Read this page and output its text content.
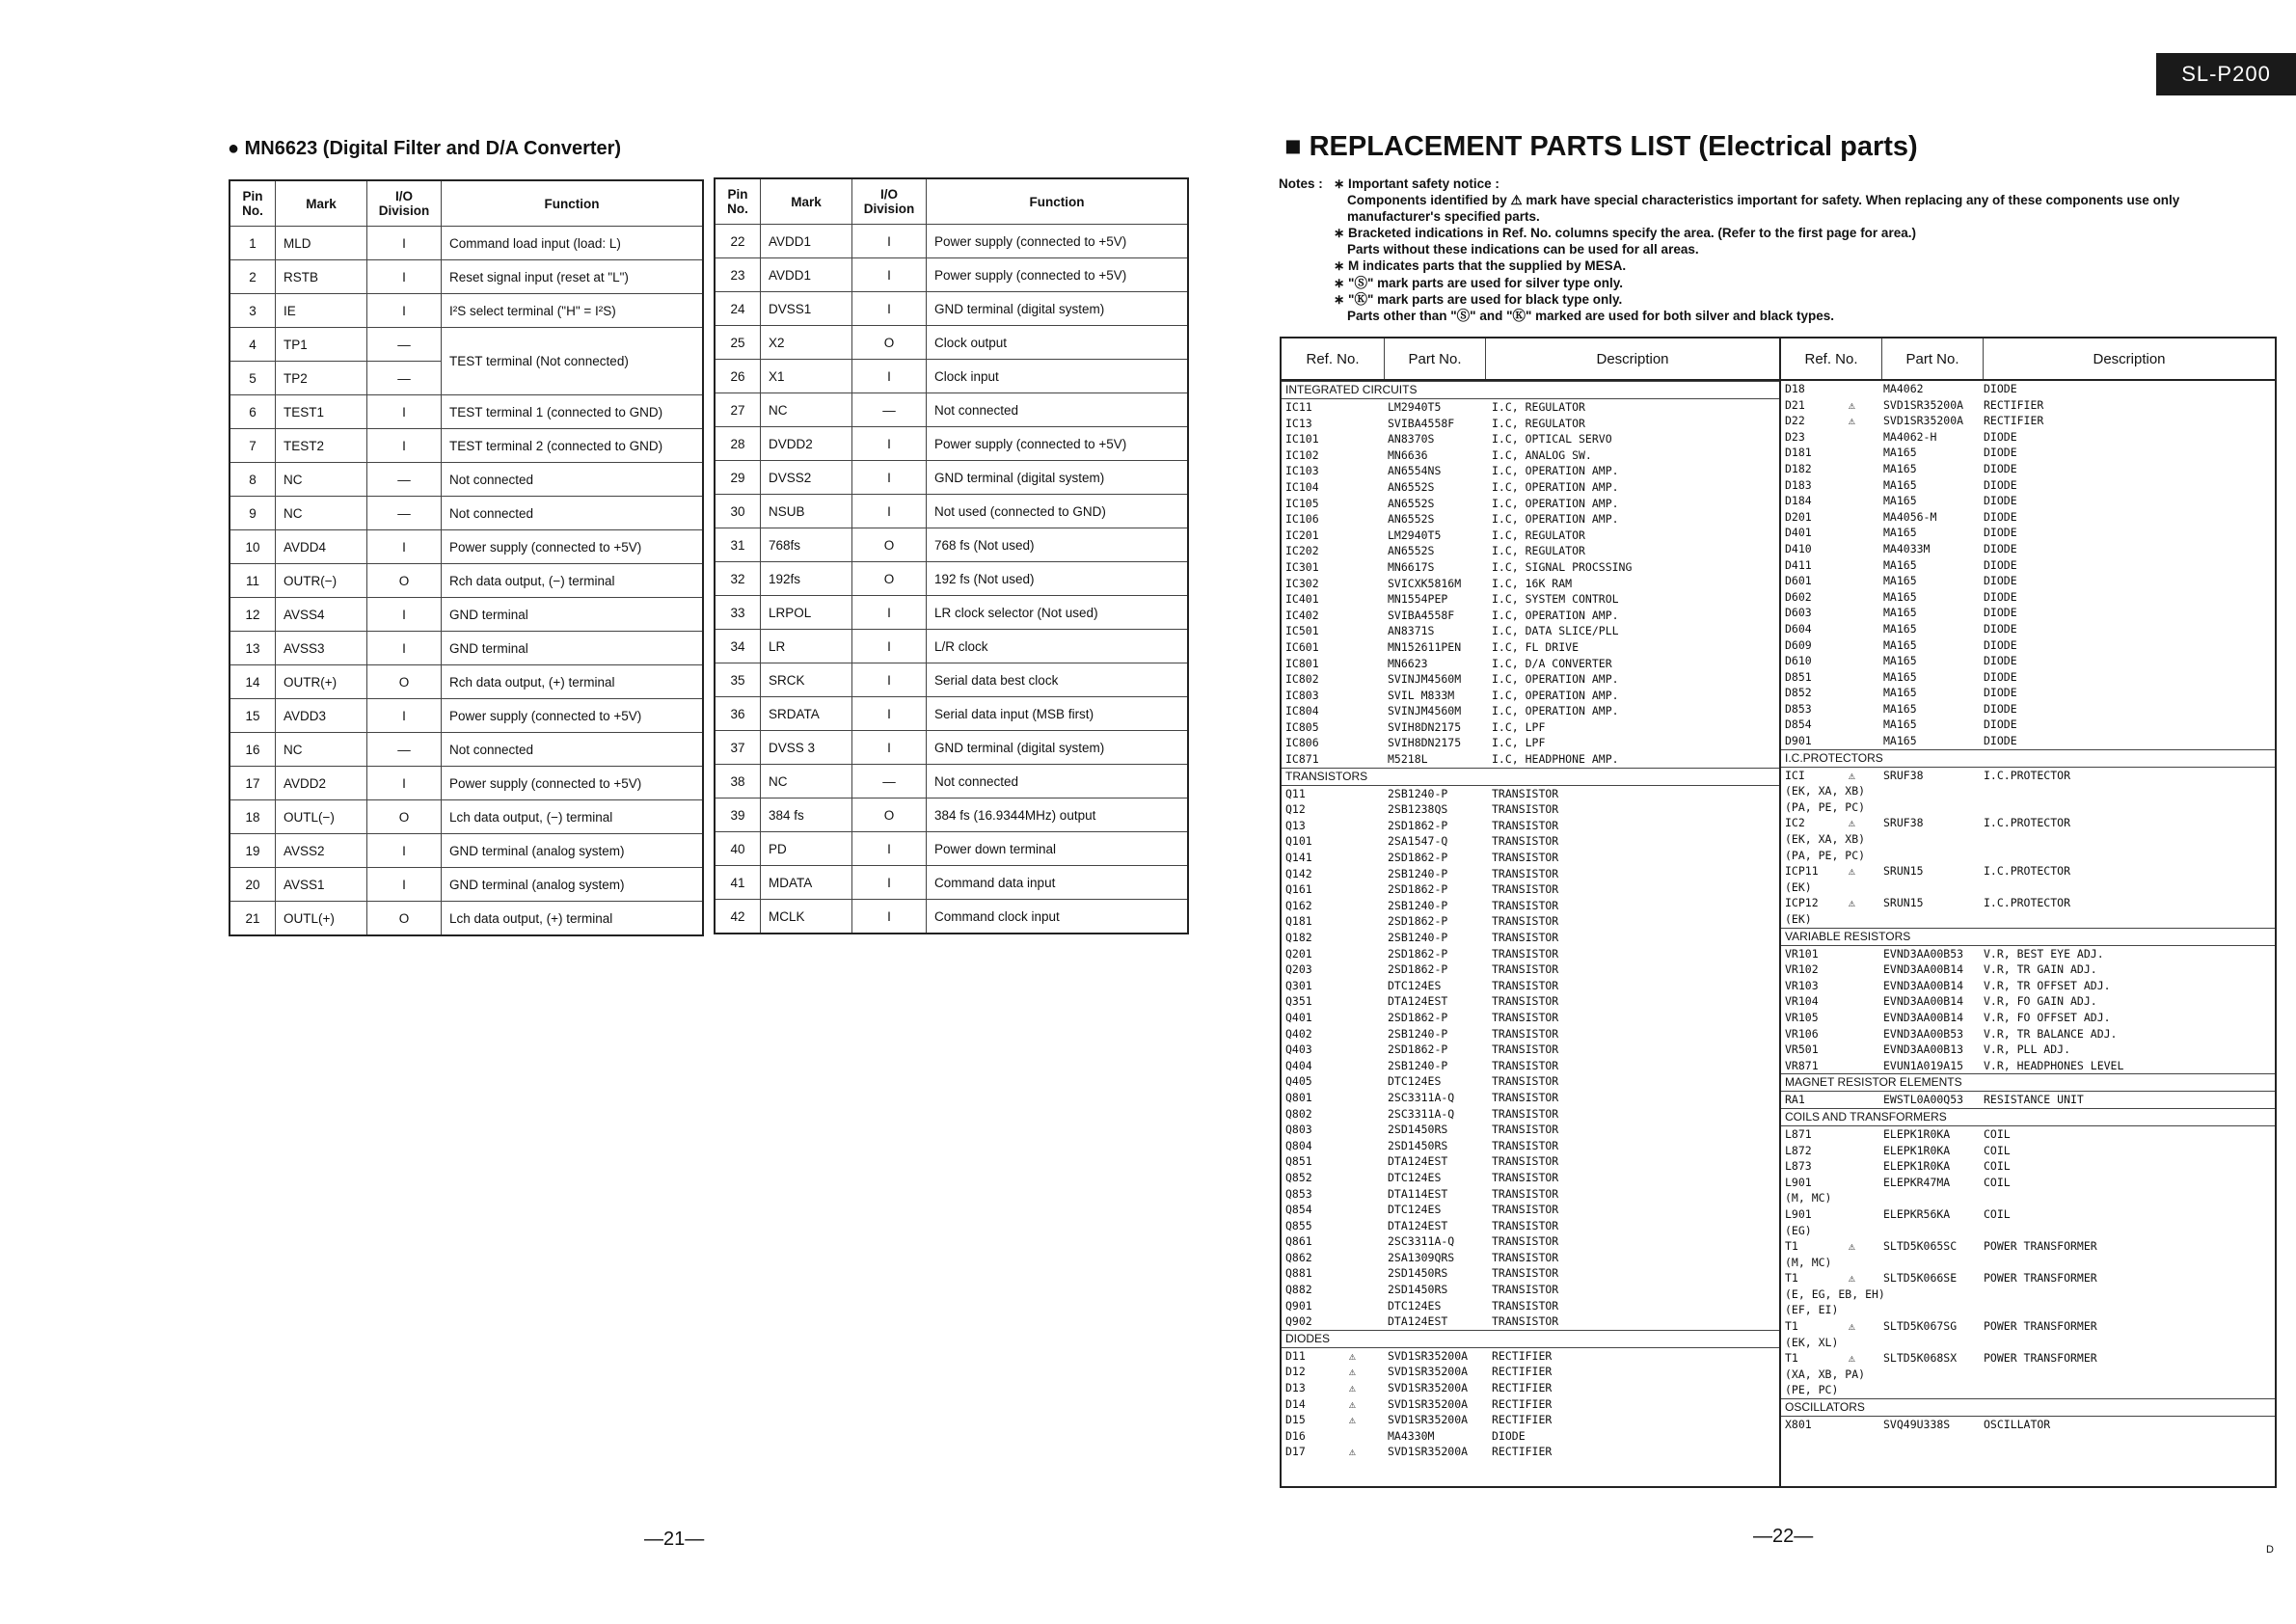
SL-P200
● MN6623 (Digital Filter and D/A Converter)	■ REPLACEMENT PARTS LIST (Electrical parts)
Pin No.	Mark	I/O Division	Function
1	MLD	I	Command load input (load: L)
2	RSTB	I	Reset signal input (reset at "L")
3	IE	I	I²S select terminal ("H" = I²S)
4	TP1	—	TEST terminal (Not connected)
5	TP2	—	
6	TEST1	I	TEST terminal 1 (connected to GND)
7	TEST2	I	TEST terminal 2 (connected to GND)
8	NC	—	Not connected
9	NC	—	Not connected
10	AVDD4	I	Power supply (connected to +5V)
11	OUTR(−)	O	Rch data output, (−) terminal
12	AVSS4	I	GND terminal
13	AVSS3	I	GND terminal
14	OUTR(+)	O	Rch data output, (+) terminal
15	AVDD3	I	Power supply (connected to +5V)
16	NC	—	Not connected
17	AVDD2	I	Power supply (connected to +5V)
18	OUTL(−)	O	Lch data output, (−) terminal
19	AVSS2	I	GND terminal (analog system)
20	AVSS1	I	GND terminal (analog system)
21	OUTL(+)	O	Lch data output, (+) terminal
Pin No.	Mark	I/O Division	Function
22	AVDD1	I	Power supply (connected to +5V)
23	AVDD1	I	Power supply (connected to +5V)
24	DVSS1	I	GND terminal (digital system)
25	X2	O	Clock output
26	X1	I	Clock input
27	NC	—	Not connected
28	DVDD2	I	Power supply (connected to +5V)
29	DVSS2	I	GND terminal (digital system)
30	NSUB	I	Not used (connected to GND)
31	768fs	O	768 fs (Not used)
32	192fs	O	192 fs (Not used)
33	LRPOL	I	LR clock selector (Not used)
34	LR	I	L/R clock
35	SRCK	I	Serial data best clock
36	SRDATA	I	Serial data input (MSB first)
37	DVSS 3	I	GND terminal (digital system)
38	NC	—	Not connected
39	384 fs	O	384 fs (16.9344MHz) output
40	PD	I	Power down terminal
41	MDATA	I	Command data input
42	MCLK	I	Command clock input
Notes : ∗ Important safety notice :
Components identified by ⚠ mark have special characteristics important for safety. When replacing any of these components use only
manufacturer's specified parts.
∗ Bracketed indications in Ref. No. columns specify the area. (Refer to the first page for area.)
Parts without these indications can be used for all areas.
∗ M indicates parts that the supplied by MESA.
∗ "Ⓢ" mark parts are used for silver type only.
∗ "Ⓚ" mark parts are used for black type only.
Parts other than "Ⓢ" and "Ⓚ" marked are used for both silver and black types.
Ref. No.	Part No.	Description
INTEGRATED CIRCUITS
IC11	LM2940T5	I.C, REGULATOR
IC13	SVIBA4558F	I.C, REGULATOR
IC101	AN8370S	I.C, OPTICAL SERVO
IC102	MN6636	I.C, ANALOG SW.
IC103	AN6554NS	I.C, OPERATION AMP.
IC104	AN6552S	I.C, OPERATION AMP.
IC105	AN6552S	I.C, OPERATION AMP.
IC106	AN6552S	I.C, OPERATION AMP.
IC201	LM2940T5	I.C, REGULATOR
IC202	AN6552S	I.C, REGULATOR
IC301	MN6617S	I.C, SIGNAL PROCSSING
IC302	SVICXK5816M	I.C, 16K RAM
IC401	MN1554PEP	I.C, SYSTEM CONTROL
IC402	SVIBA4558F	I.C, OPERATION AMP.
IC501	AN8371S	I.C, DATA SLICE/PLL
IC601	MN152611PEN	I.C, FL DRIVE
IC801	MN6623	I.C, D/A CONVERTER
IC802	SVINJM4560M	I.C, OPERATION AMP.
IC803	SVIL M833M	I.C, OPERATION AMP.
IC804	SVINJM4560M	I.C, OPERATION AMP.
IC805	SVIH8DN2175	I.C, LPF
IC806	SVIH8DN2175	I.C, LPF
IC871	M5218L	I.C, HEADPHONE AMP.
TRANSISTORS
Q11	2SB1240-P	TRANSISTOR
Q12	2SB1238QS	TRANSISTOR
Q13	2SD1862-P	TRANSISTOR
Q101	2SA1547-Q	TRANSISTOR
Q141	2SD1862-P	TRANSISTOR
Q142	2SB1240-P	TRANSISTOR
Q161	2SD1862-P	TRANSISTOR
Q162	2SB1240-P	TRANSISTOR
Q181	2SD1862-P	TRANSISTOR
Q182	2SB1240-P	TRANSISTOR
Q201	2SD1862-P	TRANSISTOR
Q203	2SD1862-P	TRANSISTOR
Q301	DTC124ES	TRANSISTOR
Q351	DTA124EST	TRANSISTOR
Q401	2SD1862-P	TRANSISTOR
Q402	2SB1240-P	TRANSISTOR
Q403	2SD1862-P	TRANSISTOR
Q404	2SB1240-P	TRANSISTOR
Q405	DTC124ES	TRANSISTOR
Q801	2SC3311A-Q	TRANSISTOR
Q802	2SC3311A-Q	TRANSISTOR
Q803	2SD1450RS	TRANSISTOR
Q804	2SD1450RS	TRANSISTOR
Q851	DTA124EST	TRANSISTOR
Q852	DTC124ES	TRANSISTOR
Q853	DTA114EST	TRANSISTOR
Q854	DTC124ES	TRANSISTOR
Q855	DTA124EST	TRANSISTOR
Q861	2SC3311A-Q	TRANSISTOR
Q862	2SA1309QRS	TRANSISTOR
Q881	2SD1450RS	TRANSISTOR
Q882	2SD1450RS	TRANSISTOR
Q901	DTC124ES	TRANSISTOR
Q902	DTA124EST	TRANSISTOR
DIODES
D11	⚠	SVD1SR35200A	RECTIFIER
D12	⚠	SVD1SR35200A	RECTIFIER
D13	⚠	SVD1SR35200A	RECTIFIER
D14	⚠	SVD1SR35200A	RECTIFIER
D15	⚠	SVD1SR35200A	RECTIFIER
D16	MA4330M	DIODE
D17	⚠	SVD1SR35200A	RECTIFIER
Ref. No.	Part No.	Description
D18	MA4062	DIODE
D21	⚠	SVD1SR35200A	RECTIFIER
D22	⚠	SVD1SR35200A	RECTIFIER
D23	MA4062-H	DIODE
D181	MA165	DIODE
D182	MA165	DIODE
D183	MA165	DIODE
D184	MA165	DIODE
D201	MA4056-M	DIODE
D401	MA165	DIODE
D410	MA4033M	DIODE
D411	MA165	DIODE
D601	MA165	DIODE
D602	MA165	DIODE
D603	MA165	DIODE
D604	MA165	DIODE
D609	MA165	DIODE
D610	MA165	DIODE
D851	MA165	DIODE
D852	MA165	DIODE
D853	MA165	DIODE
D854	MA165	DIODE
D901	MA165	DIODE
I.C.PROTECTORS
ICI	⚠	SRUF38	I.C.PROTECTOR
(EK, XA, XB)
(PA, PE, PC)
IC2	⚠	SRUF38	I.C.PROTECTOR
(EK, XA, XB)
(PA, PE, PC)
ICP11	⚠	SRUN15	I.C.PROTECTOR
(EK)
ICP12	⚠	SRUN15	I.C.PROTECTOR
(EK)
VARIABLE RESISTORS
VR101	EVND3AA00B53	V.R, BEST EYE ADJ.
VR102	EVND3AA00B14	V.R, TR GAIN ADJ.
VR103	EVND3AA00B14	V.R, TR OFFSET ADJ.
VR104	EVND3AA00B14	V.R, FO GAIN ADJ.
VR105	EVND3AA00B14	V.R, FO OFFSET ADJ.
VR106	EVND3AA00B53	V.R, TR BALANCE ADJ.
VR501	EVND3AA00B13	V.R, PLL ADJ.
VR871	EVUN1A019A15	V.R, HEADPHONES LEVEL
MAGNET RESISTOR ELEMENTS
RA1	EWSTL0A00Q53	RESISTANCE UNIT
COILS AND TRANSFORMERS
L871	ELEPK1R0KA	COIL
L872	ELEPK1R0KA	COIL
L873	ELEPK1R0KA	COIL
L901	ELEPKR47MA	COIL
(M, MC)
L901	ELEPKR56KA	COIL
(EG)
T1	⚠	SLTD5K065SC	POWER TRANSFORMER
(M, MC)
T1	⚠	SLTD5K066SE	POWER TRANSFORMER
(E, EG, EB, EH)
(EF, EI)
T1	⚠	SLTD5K067SG	POWER TRANSFORMER
(EK, XL)
T1	⚠	SLTD5K068SX	POWER TRANSFORMER
(XA, XB, PA)
(PE, PC)
OSCILLATORS
X801	SVQ49U338S	OSCILLATOR
—21—	—22—
D
